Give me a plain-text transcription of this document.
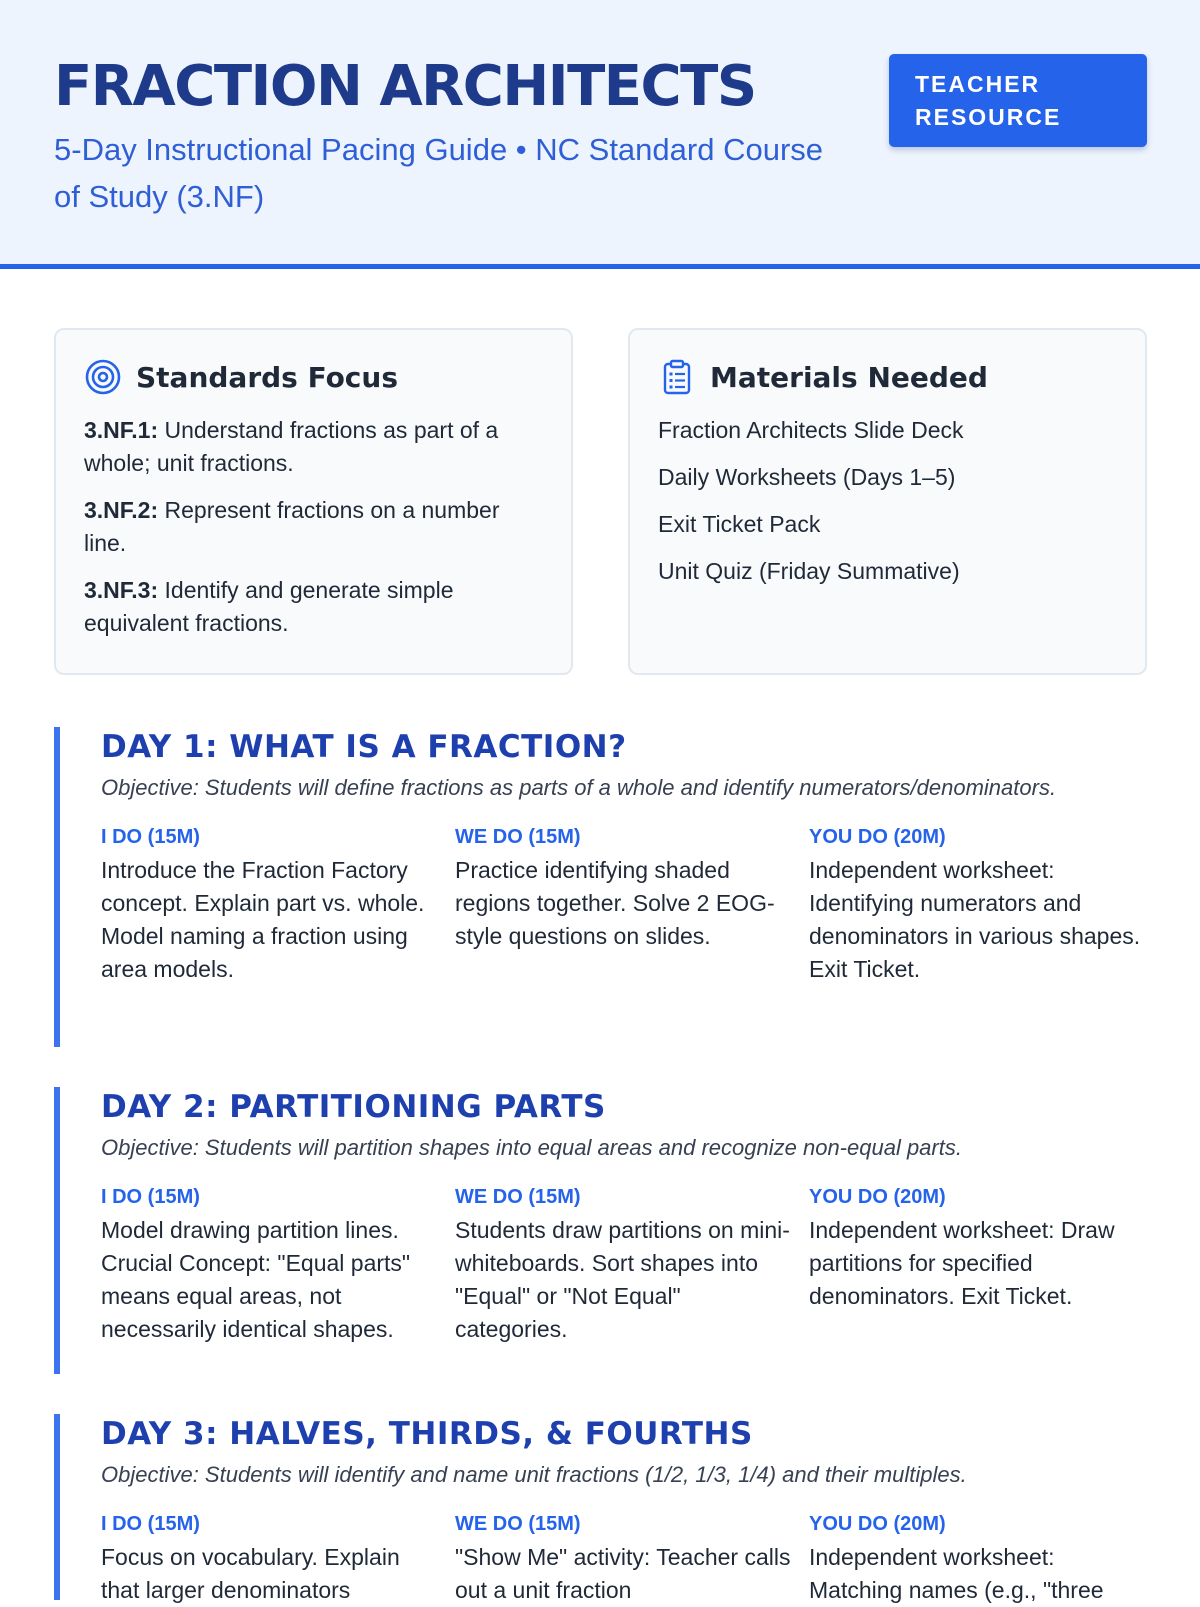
FRACTION ARCHITECTS
5-Day Instructional Pacing Guide • NC Standard Course of Study (3.NF)
TEACHER
RESOURCE
Standards Focus
3.NF.1: Understand fractions as part of a whole; unit fractions.
3.NF.2: Represent fractions on a number line.
3.NF.3: Identify and generate simple equivalent fractions.
Materials Needed
Fraction Architects Slide Deck
Daily Worksheets (Days 1–5)
Exit Ticket Pack
Unit Quiz (Friday Summative)
DAY 1: WHAT IS A FRACTION?
Objective: Students will define fractions as parts of a whole and identify numerators/denominators.
I DO (15M)
Introduce the Fraction Factory concept. Explain part vs. whole. Model naming a fraction using area models.
WE DO (15M)
Practice identifying shaded regions together. Solve 2 EOG-style questions on slides.
YOU DO (20M)
Independent worksheet: Identifying numerators and denominators in various shapes. Exit Ticket.
DAY 2: PARTITIONING PARTS
Objective: Students will partition shapes into equal areas and recognize non-equal parts.
I DO (15M)
Model drawing partition lines. Crucial Concept: "Equal parts" means equal areas, not necessarily identical shapes.
WE DO (15M)
Students draw partitions on mini-whiteboards. Sort shapes into "Equal" or "Not Equal" categories.
YOU DO (20M)
Independent worksheet: Draw partitions for specified denominators. Exit Ticket.
DAY 3: HALVES, THIRDS, & FOURTHS
Objective: Students will identify and name unit fractions (1/2, 1/3, 1/4) and their multiples.
I DO (15M)
Focus on vocabulary. Explain that larger denominators
WE DO (15M)
"Show Me" activity: Teacher calls out a unit fraction
YOU DO (20M)
Independent worksheet: Matching names (e.g., "three
